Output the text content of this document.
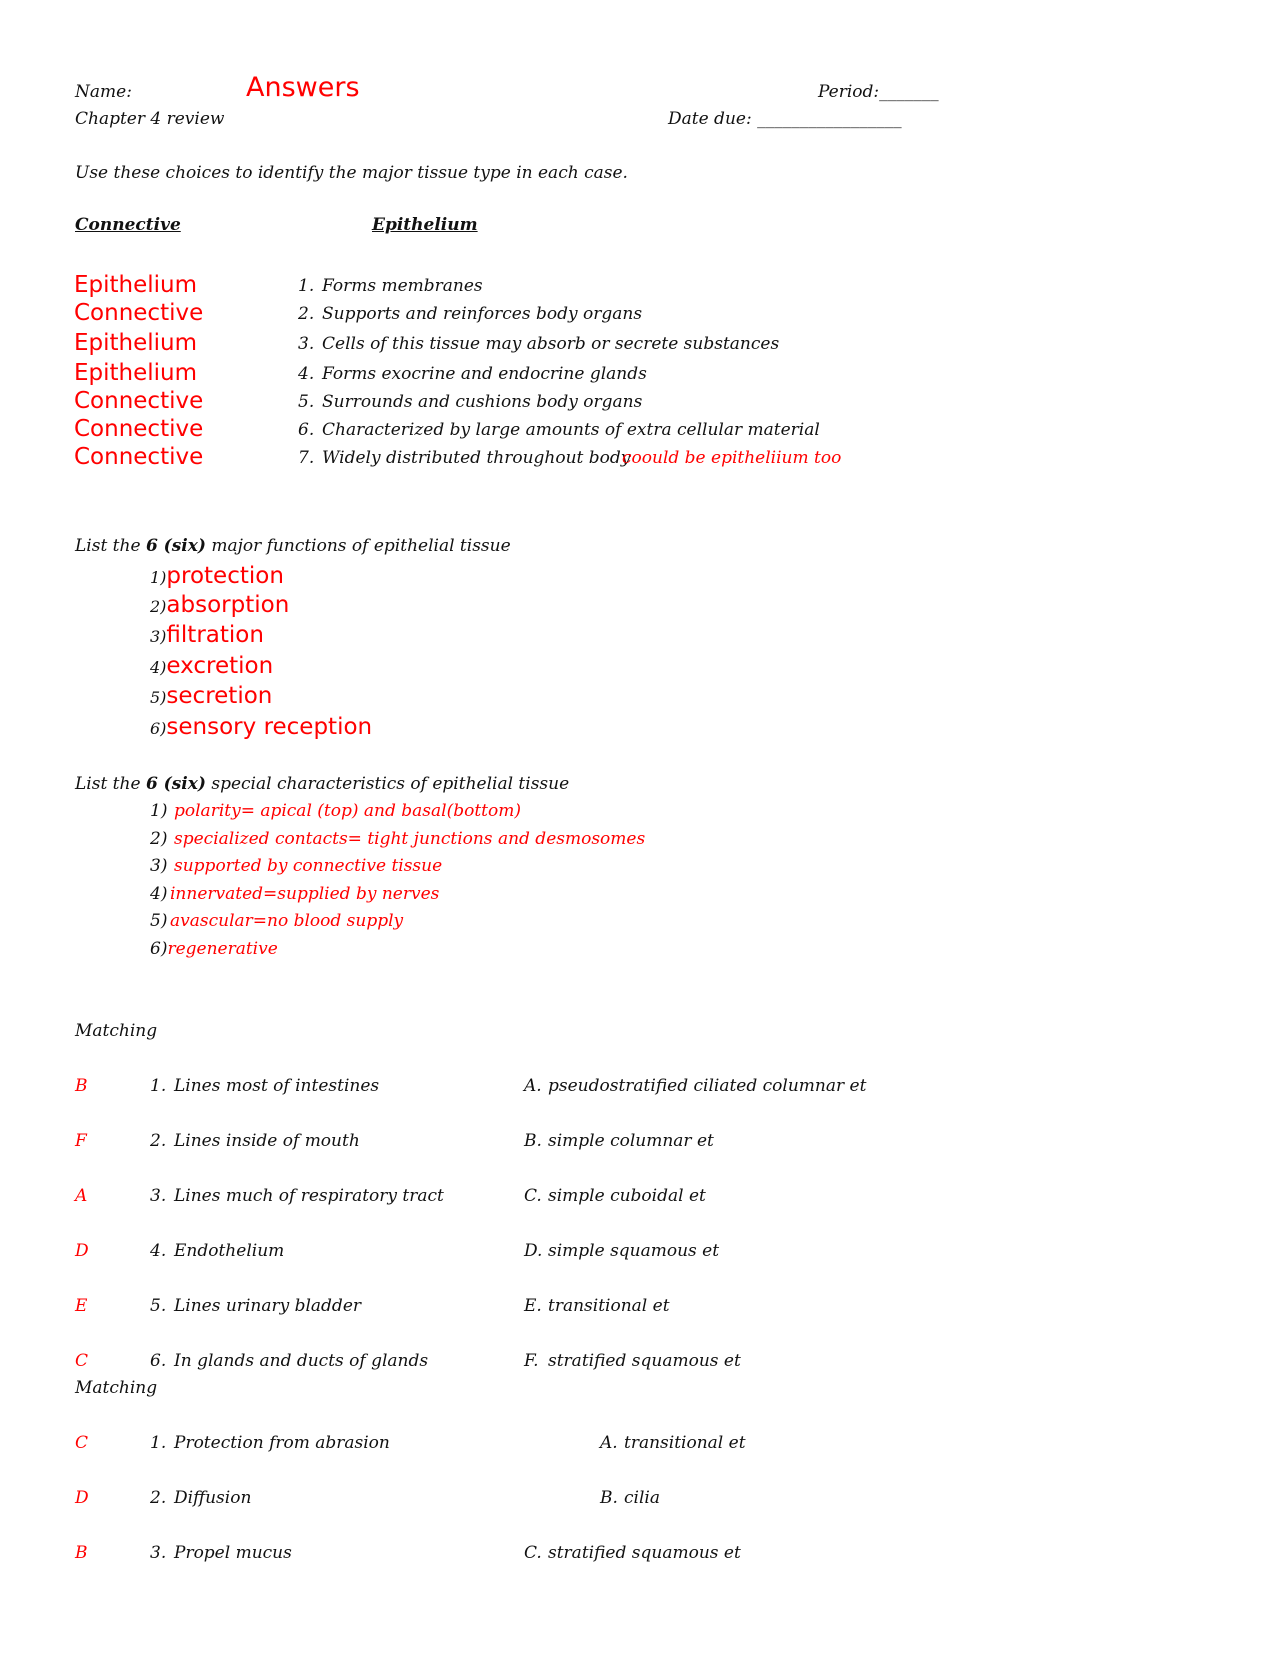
Name:	Answers	Period:_______
Chapter 4 review	Date due: _________________
Use these choices to identify the major tissue type in each case.
Connective	Epithelium
Epithelium	1. Forms membranes
Connective	2. Supports and reinforces body organs
Epithelium	3. Cells of this tissue may absorb or secrete substances
Epithelium	4. Forms exocrine and endocrine glands
Connective	5. Surrounds and cushions body organs
Connective	6. Characterized by large amounts of extra cellular material
Connective	7. Widely distributed throughout body
coould be epitheliium too
List the 6 (six) major functions of epithelial tissue
1)protection
2)absorption
3)filtration
4)excretion
5)secretion
6)sensory reception
List the 6 (six) special characteristics of epithelial tissue
1) polarity= apical (top) and basal(bottom)
2) specialized contacts= tight junctions and desmosomes
3) supported by connective tissue
4) innervated=supplied by nerves
5) avascular=no blood supply
6)regenerative
Matching
B	1. Lines most of intestines	A. pseudostratified ciliated columnar et
F	2. Lines inside of mouth	B. simple columnar et
A	3. Lines much of respiratory tract	C. simple cuboidal et
D	4. Endothelium	D. simple squamous et
E	5. Lines urinary bladder	E. transitional et
C	6. In glands and ducts of glands	F. stratified squamous et
Matching
C	1. Protection from abrasion	A. transitional et
D	2. Diffusion	B. cilia
B	3. Propel mucus	C. stratified squamous et
